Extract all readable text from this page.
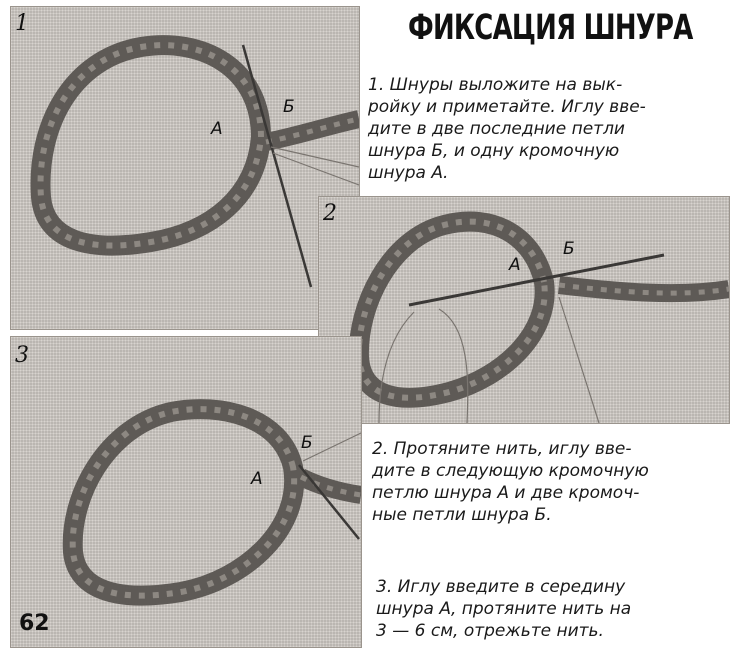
ФИКСАЦИЯ ШНУРА
1
А
Б
2
А
Б
3
А
Б
62
1. Шнуры выложите на вык-
ройку и приметайте. Иглу вве-
дите в две последние петли
шнура Б, и одну кромочную
шнура А.
2. Протяните нить, иглу вве-
дите в следующую кромочную
петлю шнура А и две кромоч-
ные петли шнура Б.
3. Иглу введите в середину
шнура А, протяните нить на
3 — 6 см, отрежьте нить.
